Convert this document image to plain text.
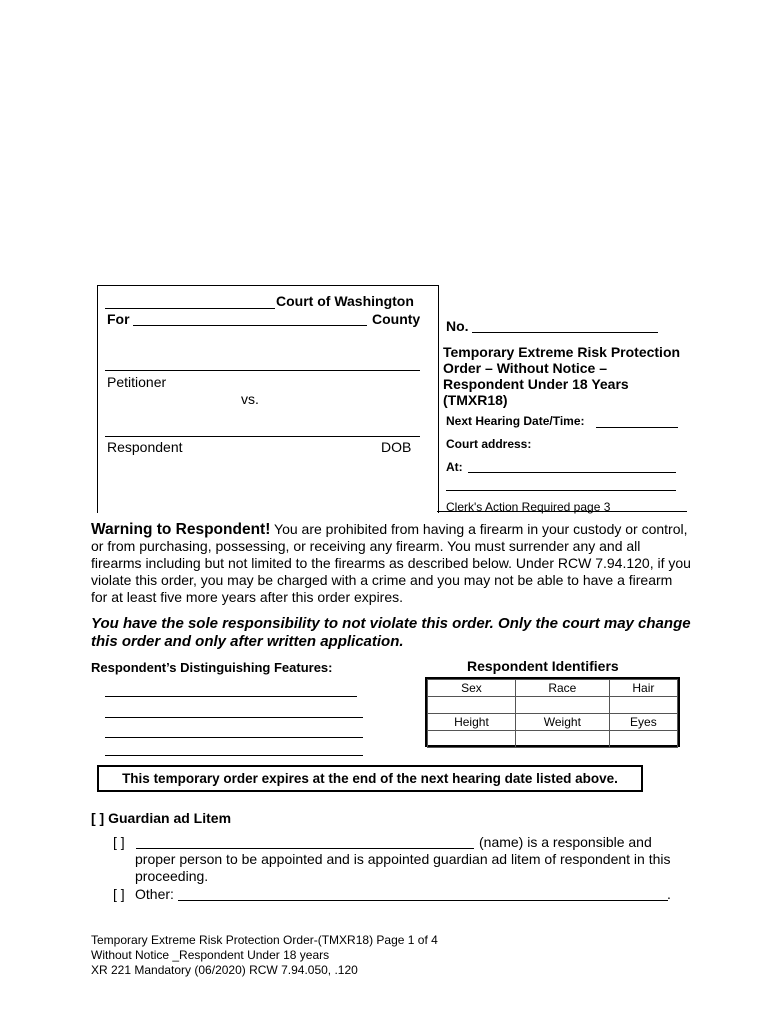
Court of Washington
For	County
Petitioner
vs.
Respondent	DOB
No.
Temporary Extreme Risk Protection
Order – Without Notice –
Respondent Under 18 Years
(TMXR18)
Next Hearing Date/Time:
Court address:
At:
Clerk's Action Required page 3
Warning to Respondent! You are prohibited from having a firearm in your custody or control, or from purchasing, possessing, or receiving any firearm. You must surrender any and all firearms including but not limited to the firearms as described below. Under RCW 7.94.120, if you violate this order, you may be charged with a crime and you may not be able to have a firearm for at least five more years after this order expires.
You have the sole responsibility to not violate this order. Only the court may change this order and only after written application.
Respondent’s Distinguishing Features:	Respondent Identifiers
Sex	Race	Hair

Height	Weight	Eyes

This temporary order expires at the end of the next hearing date listed above.
[ ] Guardian ad Litem
[ ]	(name) is a responsible and
proper person to be appointed and is appointed guardian ad litem of respondent in this
proceeding.
[ ] Other:	.
Temporary Extreme Risk Protection Order-(TMXR18) Page 1 of 4
Without Notice _Respondent Under 18 years
XR 221 Mandatory (06/2020) RCW 7.94.050, .120
